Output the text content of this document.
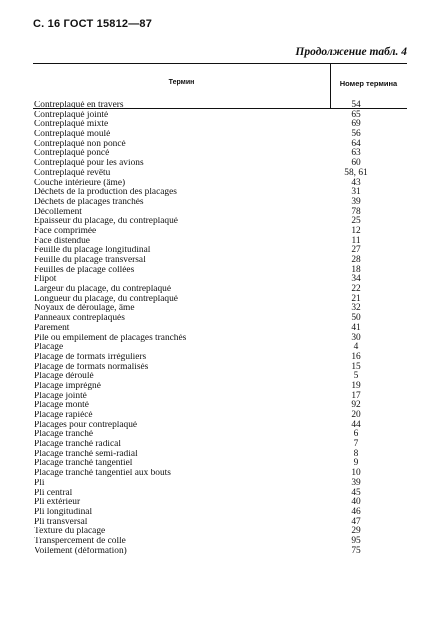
С. 16 ГОСТ 15812—87
Продолжение табл. 4
Термин	Номер термина
Contreplaqué en travers	54
Contreplaqué jointé	65
Contreplaqué mixte	69
Contreplaqué moulé	56
Contreplaqué non poncé	64
Contreplaqué poncé	63
Contreplaqué pour les avions	60
Contreplaqué revêtu	58, 61
Couche intérieure (âme)	43
Déchets de la production des placages	31
Déchets de placages tranchés	39
Décollement	78
Epaisseur du placage, du contreplaqué	25
Face comprimée	12
Face distendue	11
Feuille du placage longitudinal	27
Feuille du placage transversal	28
Feuilles de placage collées	18
Flipot	34
Largeur du placage, du contreplaqué	22
Longueur du placage, du contreplaqué	21
Noyaux de déroulage, âme	32
Panneaux contreplaqués	50
Parement	41
Pile ou empilement de placages tranchés	30
Placage	4
Placage de formats irréguliers	16
Placage de formats normalisés	15
Placage déroulé	5
Placage imprégné	19
Placage jointé	17
Placage monté	92
Placage rapiécé	20
Placages pour contreplaqué	44
Placage tranché	6
Placage tranché radical	7
Placage tranché semi-radial	8
Placage tranché tangentiel	9
Placage tranché tangentiel aux bouts	10
Pli	39
Pli central	45
Pli extérieur	40
Pli longitudinal	46
Pli transversal	47
Texture du placage	29
Transpercement de colle	95
Voilement (déformation)	75
